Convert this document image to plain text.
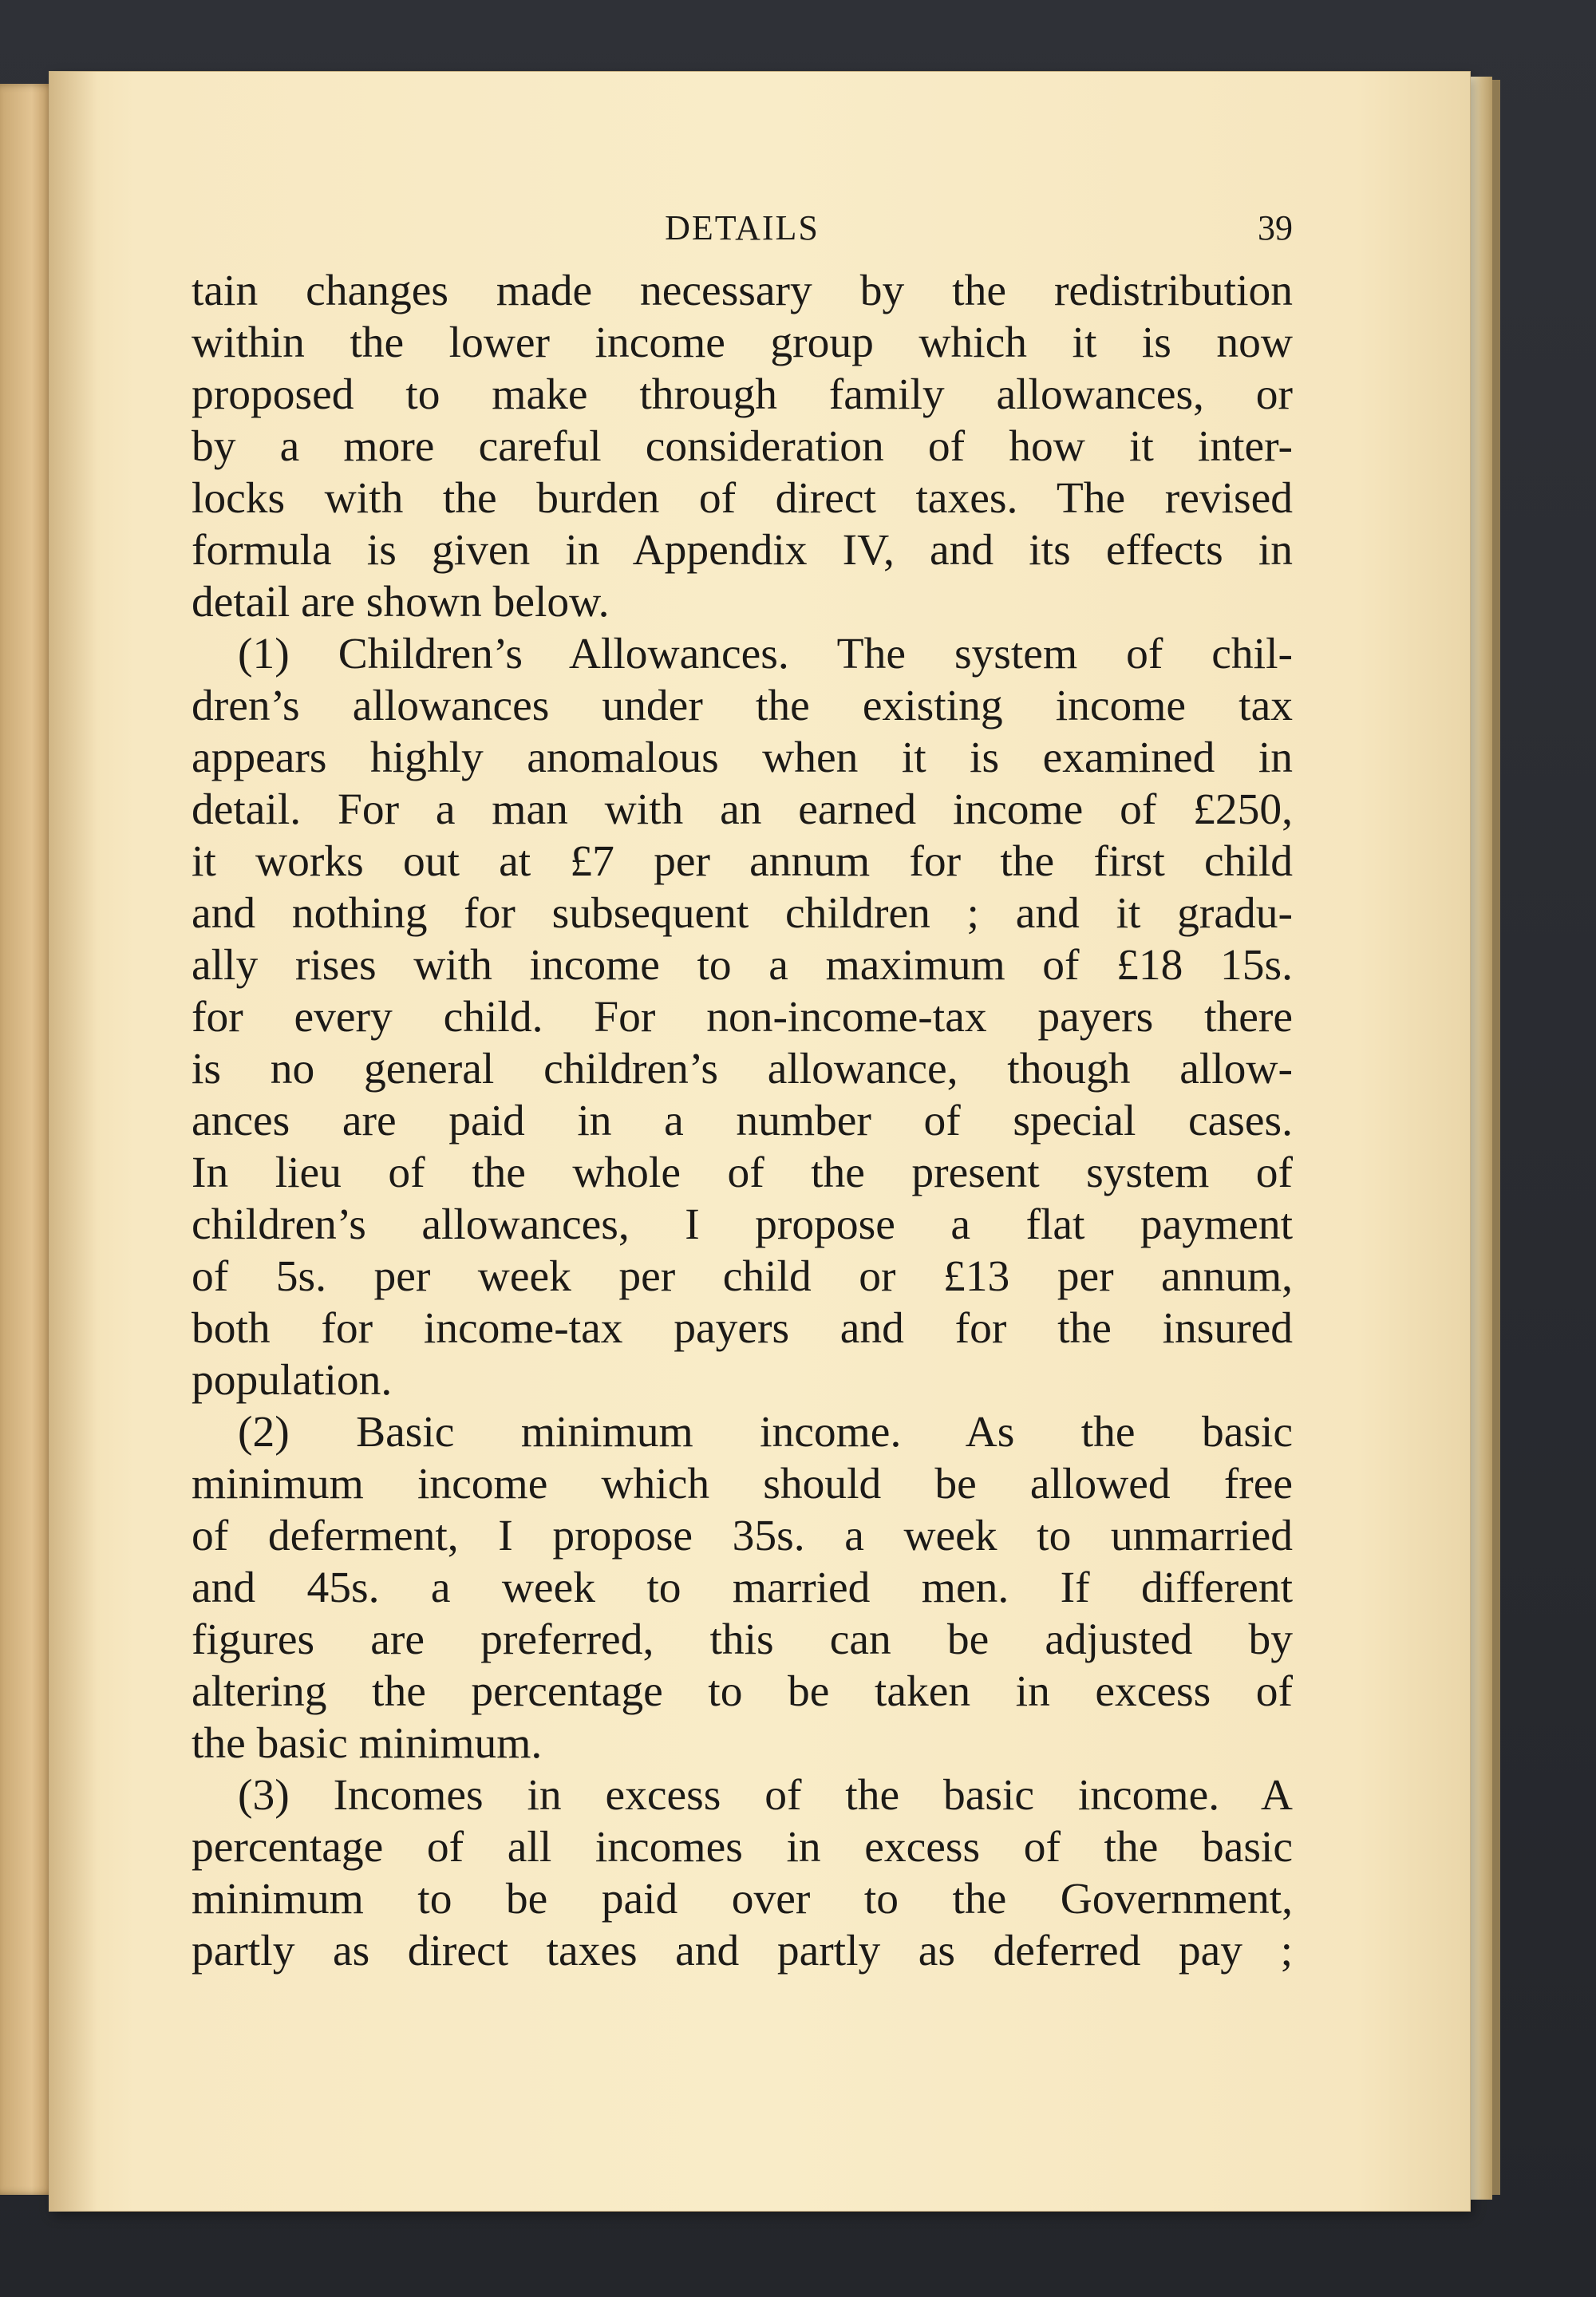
DETAILS	39
tain changes made necessary by the redistribution
within the lower income group which it is now
proposed to make through family allowances, or
by a more careful consideration of how it inter-
locks with the burden of direct taxes. The revised
formula is given in Appendix IV, and its effects in
detail are shown below.
(1) Children’s Allowances. The system of chil-
dren’s allowances under the existing income tax
appears highly anomalous when it is examined in
detail. For a man with an earned income of £250,
it works out at £7 per annum for the first child
and nothing for subsequent children ; and it gradu-
ally rises with income to a maximum of £18 15s.
for every child. For non-income-tax payers there
is no general children’s allowance, though allow-
ances are paid in a number of special cases.
In lieu of the whole of the present system of
children’s allowances, I propose a flat payment
of 5s. per week per child or £13 per annum,
both for income-tax payers and for the insured
population.
(2) Basic minimum income. As the basic
minimum income which should be allowed free
of deferment, I propose 35s. a week to unmarried
and 45s. a week to married men. If different
figures are preferred, this can be adjusted by
altering the percentage to be taken in excess of
the basic minimum.
(3) Incomes in excess of the basic income. A
percentage of all incomes in excess of the basic
minimum to be paid over to the Government,
partly as direct taxes and partly as deferred pay ;
